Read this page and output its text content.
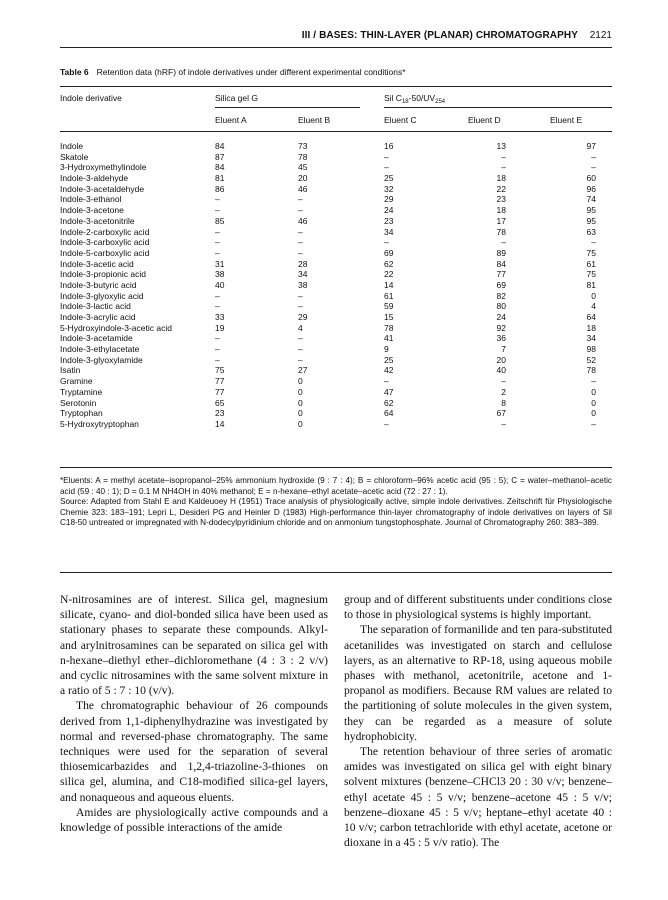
III / BASES: THIN-LAYER (PLANAR) CHROMATOGRAPHY 2121
Table 6 Retention data (hRF) of indole derivatives under different experimental conditions*
Indole derivative	Silica gel G	Sil $C_{18}-50/UV_{254}$
Eluent A	Eluent B	Eluent C	Eluent D	Eluent E
Indole	84	73	16	13	97
Skatole	87	78	–	–	–
3-Hydroxymethylindole	84	45	–	–	–
Indole-3-aldehyde	81	20	25	18	60
Indole-3-acetaldehyde	86	46	32	22	96
Indole-3-ethanol	–	–	29	23	74
Indole-3-acetone	–	–	24	18	95
Indole-3-acetonitrile	85	46	23	17	95
Indole-2-carboxylic acid	–	–	34	78	63
Indole-3-carboxylic acid	–	–	–	–	–
Indole-5-carboxylic acid	–	–	69	89	75
Indole-3-acetic acid	31	28	62	84	61
Indole-3-propionic acid	38	34	22	77	75
Indole-3-butyric acid	40	38	14	69	81
Indole-3-glyoxylic acid	–	–	61	82	0
Indole-3-lactic acid	–	–	59	80	4
Indole-3-acrylic acid	33	29	15	24	64
5-Hydroxyindole-3-acetic acid	19	4	78	92	18
Indole-3-acetamide	–	–	41	36	34
Indole-3-ethylacetate	–	–	9	7	98
Indole-3-glyoxylamide	–	–	25	20	52
Isatin	75	27	42	40	78
Gramine	77	0	–	–	–
Tryptamine	77	0	47	2	0
Serotonin	65	0	62	8	0
Tryptophan	23	0	64	67	0
5-Hydroxytryptophan	14	0	–	–	–

*Eluents: A = methyl acetate–isopropanol–25% ammonium hydroxide (9 : 7 : 4); B = chloroform–96% acetic acid (95 : 5); C = water–methanol–acetic acid (59 : 40 : 1); D = 0.1 M NH4OH in 40% methanol; E = n-hexane–ethyl acetate–acetic acid (72 : 27 : 1).

Source: Adapted from Stahl E and Kaldeuoey H (1951) Trace analysis of physiologically active, simple indole derivatives. Zeitschrift für Physiologische Chemie 323: 183–191; Lepri L, Desideri PG and Heinler D (1983) High-performance thin-layer chromatography of indole derivatives on layers of Sil C18-50 untreated or impregnated with N-dodecylpyridinium chloride and on anmonium tungstophosphate. Journal of Chromatography 260: 383–389.

N-nitrosamines are of interest. Silica gel, magnesium silicate, cyano- and diol-bonded silica have been used as stationary phases to separate these compounds. Alkyl- and arylnitrosamines can be separated on silica gel with n-hexane–diethyl ether–dichloromethane (4 : 3 : 2 v/v) and cyclic nitrosamines with the same solvent mixture in a ratio of 5 : 7 : 10 (v/v).

The chromatographic behaviour of 26 compounds derived from 1,1-diphenylhydrazine was investigated by normal and reversed-phase chromatography. The same techniques were used for the separation of several thiosemicarbazides and 1,2,4-triazoline-3-thiones on silica gel, alumina, and C18-modified silica-gel layers, and nonaqueous and aqueous eluents.

Amides are physiologically active compounds and a knowledge of possible interactions of the amide

group and of different substituents under conditions close to those in physiological systems is highly important.

The separation of formanilide and ten para-substituted acetanilides was investigated on starch and cellulose layers, as an alternative to RP-18, using aqueous mobile phases with methanol, acetonitrile, acetone and 1-propanol as modifiers. Because RM values are related to the partitioning of solute molecules in the given system, they can be regarded as a measure of solute hydrophobicity.

The retention behaviour of three series of aromatic amides was investigated on silica gel with eight binary solvent mixtures (benzene–CHCl3 20 : 30 v/v; benzene–ethyl acetate 45 : 5 v/v; benzene–acetone 45 : 5 v/v; benzene–dioxane 45 : 5 v/v; heptane–ethyl acetate 40 : 10 v/v; carbon tetrachloride with ethyl acetate, acetone or dioxane in a 45 : 5 v/v ratio). The
